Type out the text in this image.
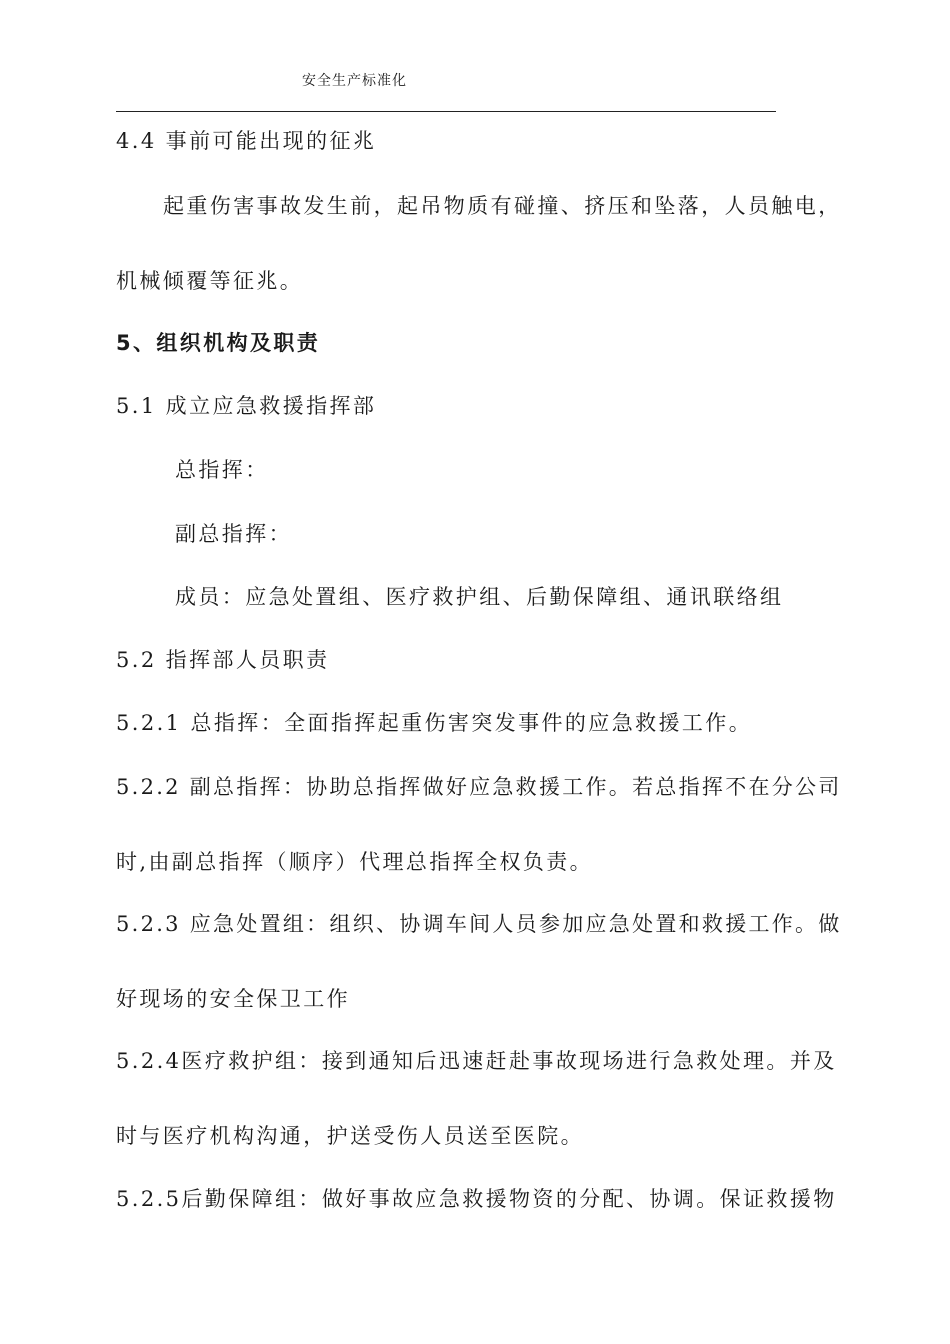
安全生产标准化
4.4 事前可能出现的征兆
起重伤害事故发生前，起吊物质有碰撞、挤压和坠落，人员触电，
机械倾覆等征兆。
5、组织机构及职责
5.1 成立应急救援指挥部
总指挥：
副总指挥：
成员：应急处置组、医疗救护组、后勤保障组、通讯联络组
5.2 指挥部人员职责
5.2.1 总指挥：全面指挥起重伤害突发事件的应急救援工作。
5.2.2 副总指挥：协助总指挥做好应急救援工作。若总指挥不在分公司
时,由副总指挥（顺序）代理总指挥全权负责。
5.2.3 应急处置组：组织、协调车间人员参加应急处置和救援工作。做
好现场的安全保卫工作
5.2.4医疗救护组：接到通知后迅速赶赴事故现场进行急救处理。并及
时与医疗机构沟通，护送受伤人员送至医院。
5.2.5后勤保障组：做好事故应急救援物资的分配、协调。保证救援物
